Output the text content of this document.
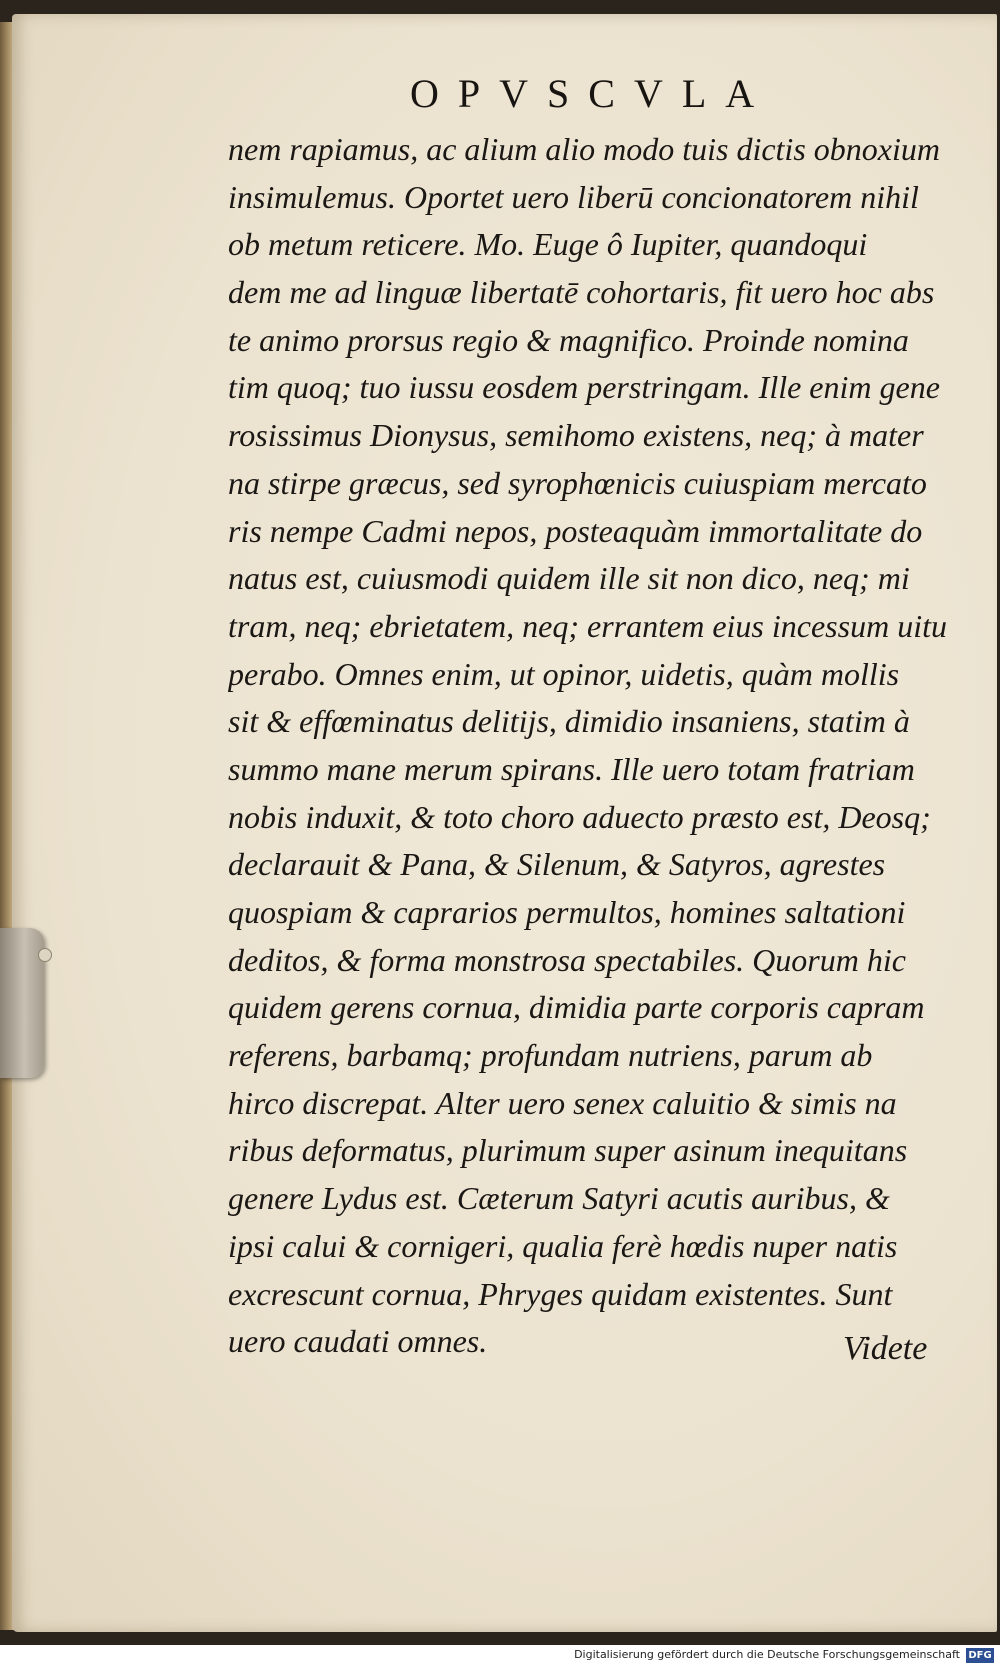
OPVSCVLA
nem rapiamus, ac alium alio modo tuis dictis obnoxium
insimulemus. Oportet uero liberū concionatorem nihil
ob metum reticere. Mo. Euge ô Iupiter, quandoqui
dem me ad linguæ libertatē cohortaris, fit uero hoc abs
te animo prorsus regio & magnifico. Proinde nomina
tim quoq; tuo iussu eosdem perstringam. Ille enim gene
rosissimus Dionysus, semihomo existens, neq; à mater
na stirpe græcus, sed syrophœnicis cuiuspiam mercato
ris nempe Cadmi nepos, posteaquàm immortalitate do
natus est, cuiusmodi quidem ille sit non dico, neq; mi
tram, neq; ebrietatem, neq; errantem eius incessum uitu
perabo. Omnes enim, ut opinor, uidetis, quàm mollis
sit & effœminatus delitijs, dimidio insaniens, statim à
summo mane merum spirans. Ille uero totam fratriam
nobis induxit, & toto choro aduecto præsto est, Deosq;
declarauit & Pana, & Silenum, & Satyros, agrestes
quospiam & caprarios permultos, homines saltationi
deditos, & forma monstrosa spectabiles. Quorum hic
quidem gerens cornua, dimidia parte corporis capram
referens, barbamq; profundam nutriens, parum ab
hirco discrepat. Alter uero senex caluitio & simis na
ribus deformatus, plurimum super asinum inequitans
genere Lydus est. Cæterum Satyri acutis auribus, &
ipsi calui & cornigeri, qualia ferè hœdis nuper natis
excrescunt cornua, Phryges quidam existentes. Sunt
uero caudati omnes.	Videte
Digitalisierung gefördert durch die Deutsche Forschungsgemeinschaft DFG
